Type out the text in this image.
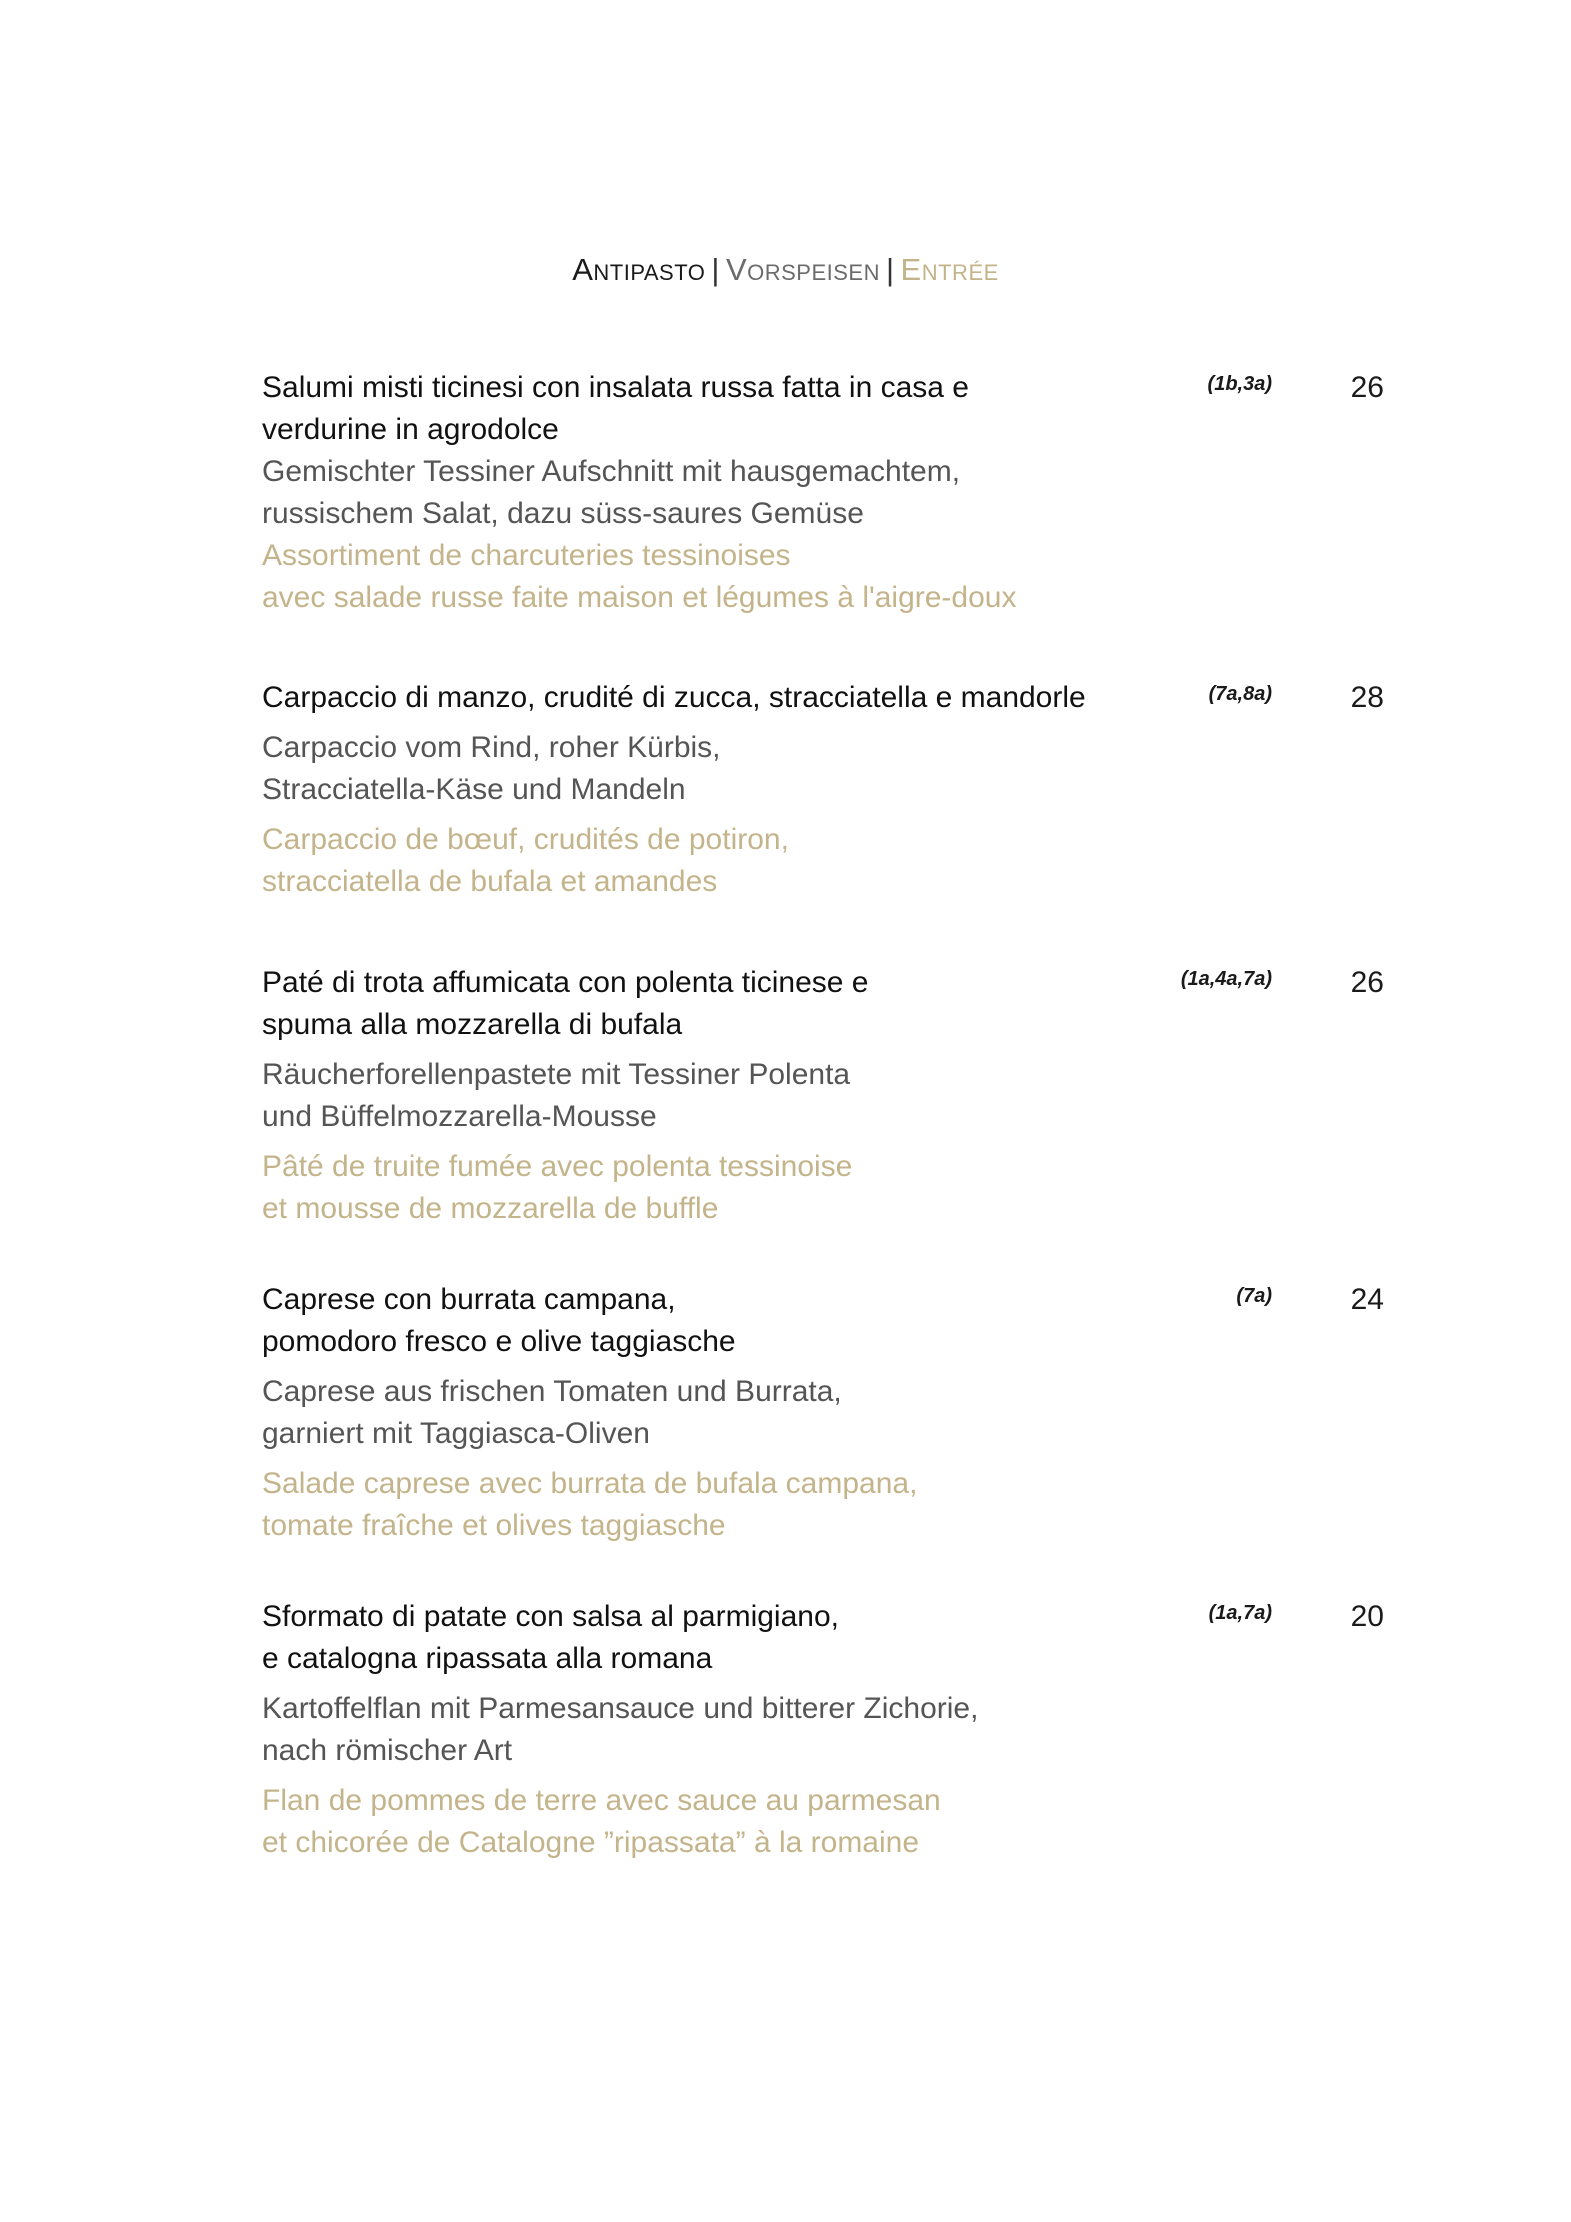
Antipasto | Vorspeisen | Entrée
Salumi misti ticinesi con insalata russa fatta in casa e
verdurine in agrodolce
Gemischter Tessiner Aufschnitt mit hausgemachtem,
russischem Salat, dazu süss-saures Gemüse
Assortiment de charcuteries tessinoises
avec salade russe faite maison et légumes à l'aigre-doux
(1b,3a)	26
Carpaccio di manzo, crudité di zucca, stracciatella e mandorle
Carpaccio vom Rind, roher Kürbis,
Stracciatella-Käse und Mandeln
Carpaccio de bœuf, crudités de potiron,
stracciatella de bufala et amandes
(7a,8a)	28
Paté di trota affumicata con polenta ticinese e
spuma alla mozzarella di bufala
Räucherforellenpastete mit Tessiner Polenta
und Büffelmozzarella-Mousse
Pâté de truite fumée avec polenta tessinoise
et mousse de mozzarella de buffle
(1a,4a,7a)	26
Caprese con burrata campana,
pomodoro fresco e olive taggiasche
Caprese aus frischen Tomaten und Burrata,
garniert mit Taggiasca-Oliven
Salade caprese avec burrata de bufala campana,
tomate fraîche et olives taggiasche
(7a)	24
Sformato di patate con salsa al parmigiano,
e catalogna ripassata alla romana
Kartoffelflan mit Parmesansauce und bitterer Zichorie,
nach römischer Art
Flan de pommes de terre avec sauce au parmesan
et chicorée de Catalogne ”ripassata” à la romaine
(1a,7a)	20
